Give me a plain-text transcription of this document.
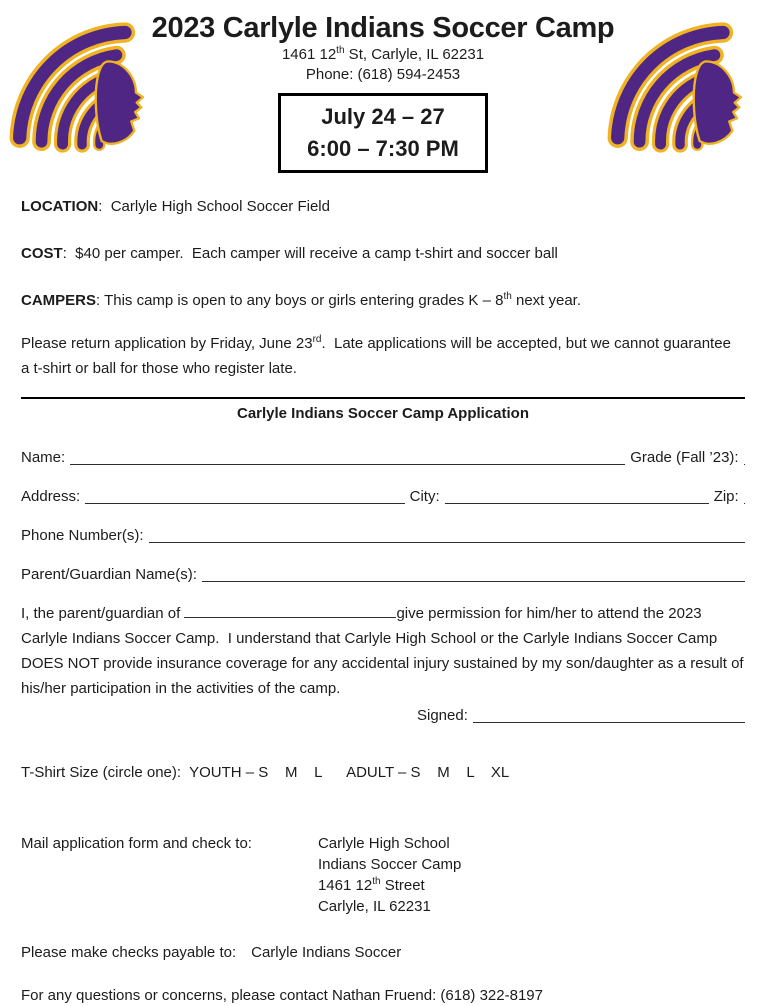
2023 Carlyle Indians Soccer Camp
1461 12th St, Carlyle, IL 62231
Phone: (618) 594-2453
July 24 – 27
6:00 – 7:30 PM
LOCATION:  Carlyle High School Soccer Field
COST:  $40 per camper.  Each camper will receive a camp t-shirt and soccer ball
CAMPERS: This camp is open to any boys or girls entering grades K – 8th next year.
Please return application by Friday, June 23rd.  Late applications will be accepted, but we cannot guarantee a t-shirt or ball for those who register late.
Carlyle Indians Soccer Camp Application
Name:	Grade (Fall ’23):
Address:	City:	Zip:
Phone Number(s):
Parent/Guardian Name(s):
I, the parent/guardian of	give permission for him/her to attend the 2023 Carlyle Indians Soccer Camp.  I understand that Carlyle High School or the Carlyle Indians Soccer Camp DOES NOT provide insurance coverage for any accidental injury sustained by my son/daughter as a result of his/her participation in the activities of the camp.
Signed:
T-Shirt Size (circle one):  YOUTH – S    M    L      ADULT – S    M    L    XL
Mail application form and check to:	Carlyle High School
Indians Soccer Camp
1461 12th Street
Carlyle, IL 62231
Please make checks payable to: Carlyle Indians Soccer
For any questions or concerns, please contact Nathan Fruend: (618) 322-8197
